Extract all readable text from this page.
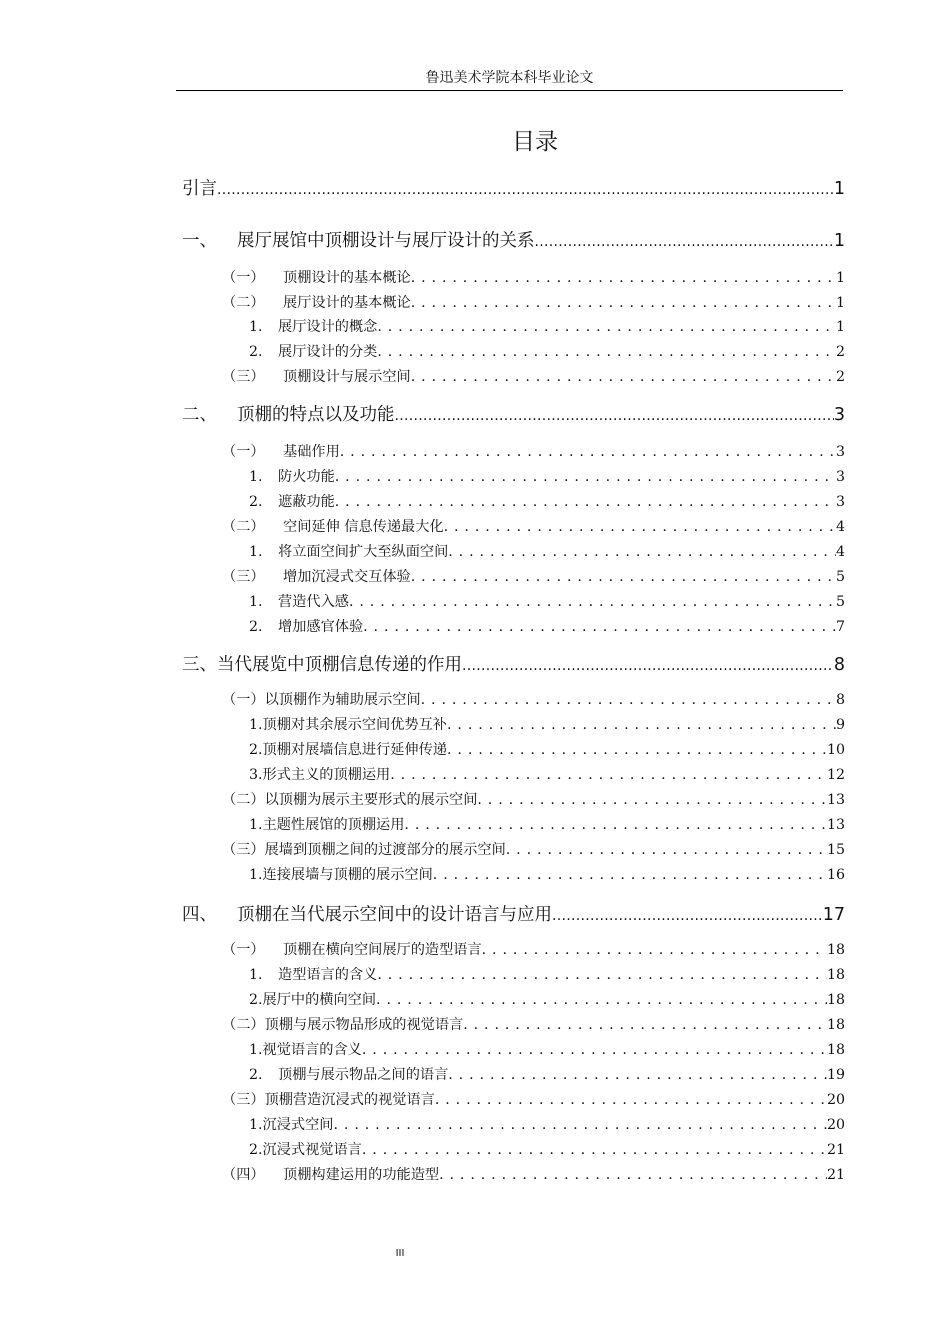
鲁迅美术学院本科毕业论文
目录
引言 .....	1
一、	展厅展馆中顶棚设计与展厅设计的关系 .....	1
（一）	顶棚设计的基本概论 . . .	1
（二）	展厅设计的基本概论 . . .	1
1.	展厅设计的概念 . . .	1
2.	展厅设计的分类 . . .	2
（三）	顶棚设计与展示空间 . . .	2
二、	顶棚的特点以及功能 .....	3
（一）	基础作用 . . .	3
1.	防火功能 . . .	3
2.	遮蔽功能 . . .	3
（二）	空间延伸 信息传递最大化 . . .	4
1.	将立面空间扩大至纵面空间 . . .	4
（三）	增加沉浸式交互体验 . . .	5
1.	营造代入感 . . .	5
2.	增加感官体验 . . .	7
三、当代展览中顶棚信息传递的作用 .....	8
（一）以顶棚作为辅助展示空间 . . .	8
1.顶棚对其余展示空间优势互补 . . .	9
2.顶棚对展墙信息进行延伸传递 . . .	10
3.形式主义的顶棚运用 . . .	12
（二）以顶棚为展示主要形式的展示空间 . . .	13
1.主题性展馆的顶棚运用 . . .	13
（三）展墙到顶棚之间的过渡部分的展示空间 . . .	15
1.连接展墙与顶棚的展示空间 . . .	16
四、	顶棚在当代展示空间中的设计语言与应用 .....	17
（一）	顶棚在横向空间展厅的造型语言 . . .	18
1.	造型语言的含义 . . .	18
2.展厅中的横向空间 . . .	18
（二）顶棚与展示物品形成的视觉语言 . . .	18
1.视觉语言的含义 . . .	18
2.	顶棚与展示物品之间的语言 . . .	19
（三）顶棚营造沉浸式的视觉语言 . . .	20
1.沉浸式空间 . . .	20
2.沉浸式视觉语言 . . .	21
（四）	顶棚构建运用的功能造型 . . .	21
III
